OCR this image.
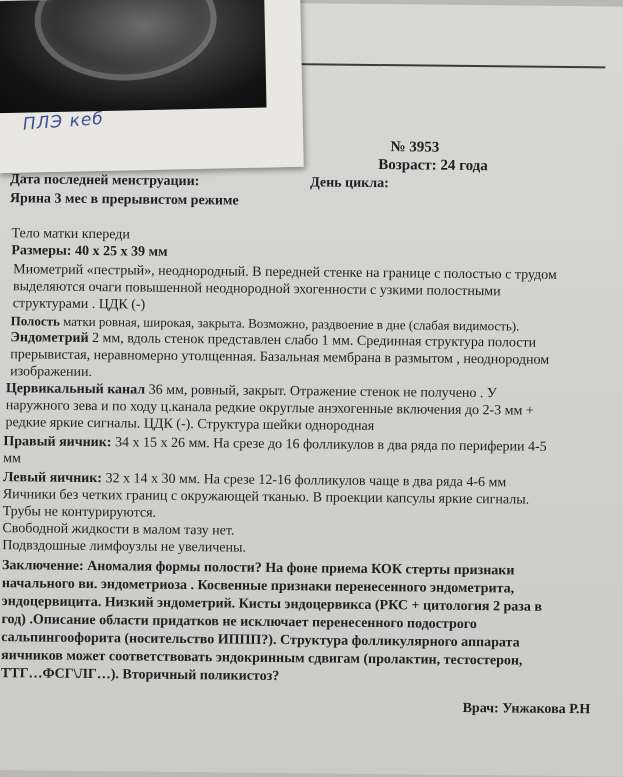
№ 3953
Возраст: 24 года
Дата последней менструации:	День цикла:
Ярина 3 мес в прерывистом режиме
Тело матки кпереди
Размеры: 40 х 25 х 39 мм
Миометрий «пестрый», неоднородный. В передней стенке на границе с полостью с трудом
выделяются очаги повышенной неоднородной эхогенности с узкими полостными
структурами . ЦДК (-)
Полость матки ровная, широкая, закрыта. Возможно, раздвоение в дне (слабая видимость).
Эндометрий 2 мм, вдоль стенок представлен слабо 1 мм. Срединная структура полости
прерывистая, неравномерно утолщенная. Базальная мембрана в размытом , неоднородном
изображении.
Цервикальный канал 36 мм, ровный, закрыт. Отражение стенок не получено . У
наружного зева и по ходу ц.канала редкие округлые анэхогенные включения до 2-3 мм +
редкие яркие сигналы. ЦДК (-). Структура шейки однородная
Правый яичник: 34 х 15 х 26 мм. На срезе до 16 фолликулов в два ряда по периферии 4-5
мм
Левый яичник: 32 х 14 х 30 мм. На срезе 12-16 фолликулов чаще в два ряда 4-6 мм
Яичники без четких границ с окружающей тканью. В проекции капсулы яркие сигналы.
Трубы не контурируются.
Свободной жидкости в малом тазу нет.
Подвздошные лимфоузлы не увеличены.
Заключение: Аномалия формы полости? На фоне приема КОК стерты признаки
начального ви. эндометриоза . Косвенные признаки перенесенного эндометрита,
эндоцервицита. Низкий эндометрий. Кисты эндоцервикса (РКС + цитология 2 раза в
год) .Описание области придатков не исключает перенесенного подострого
сальпингоофорита (носительство ИППП?). Структура фолликулярного аппарата
яичников может соответствовать эндокринным сдвигам (пролактин, тестостерон,
ТТГ…ФСГ\ЛГ…). Вторичный поликистоз?
Врач: Унжакова Р.Н
ПЛЭ кеб
